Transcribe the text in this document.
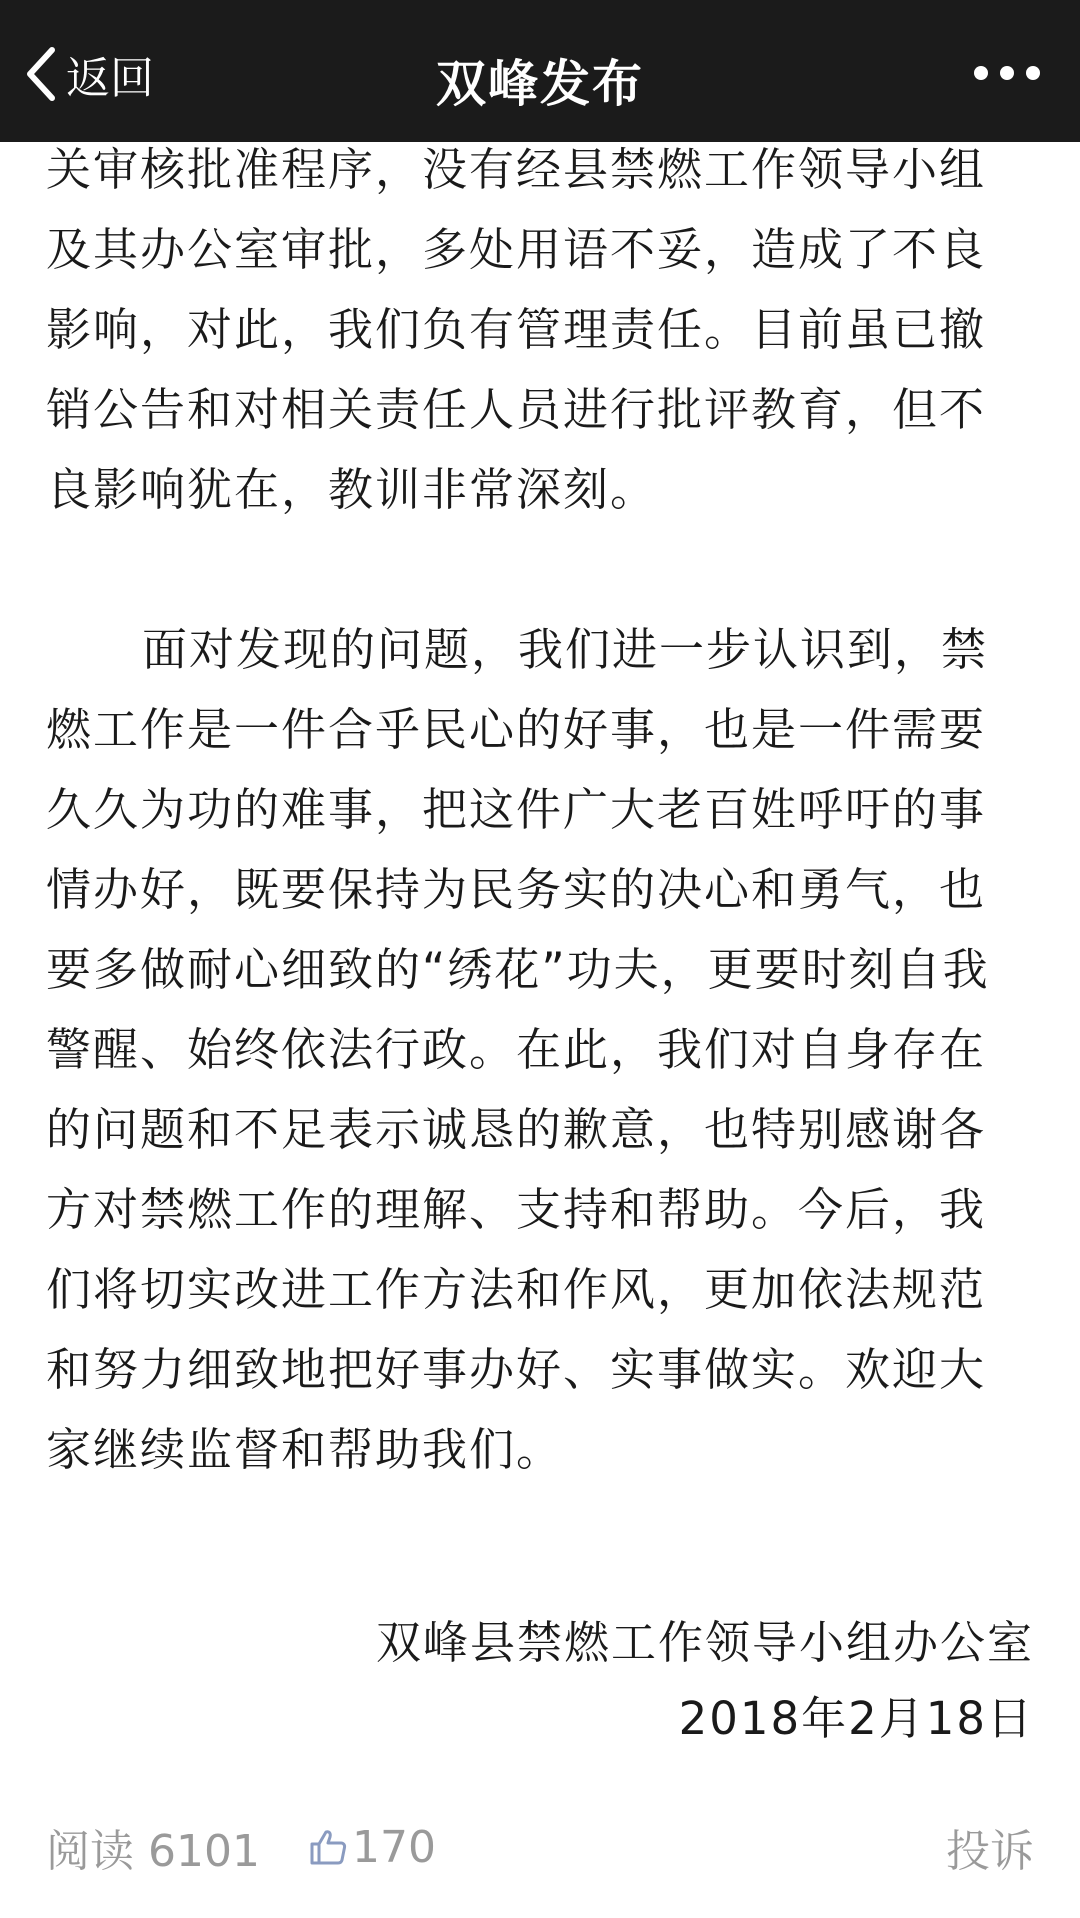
返回	双峰发布

关审核批准程序，没有经县禁燃工作领导小组及其办公室审批，多处用语不妥，造成了不良影响，对此，我们负有管理责任。目前虽已撤销公告和对相关责任人员进行批评教育，但不良影响犹在，教训非常深刻。

面对发现的问题，我们进一步认识到，禁燃工作是一件合乎民心的好事，也是一件需要久久为功的难事，把这件广大老百姓呼吁的事情办好，既要保持为民务实的决心和勇气，也要多做耐心细致的“绣花”功夫，更要时刻自我警醒、始终依法行政。在此，我们对自身存在的问题和不足表示诚恳的歉意，也特别感谢各方对禁燃工作的理解、支持和帮助。今后，我们将切实改进工作方法和作风，更加依法规范和努力细致地把好事办好、实事做实。欢迎大家继续监督和帮助我们。

双峰县禁燃工作领导小组办公室
2018年2月18日
阅读 6101 170	投诉
